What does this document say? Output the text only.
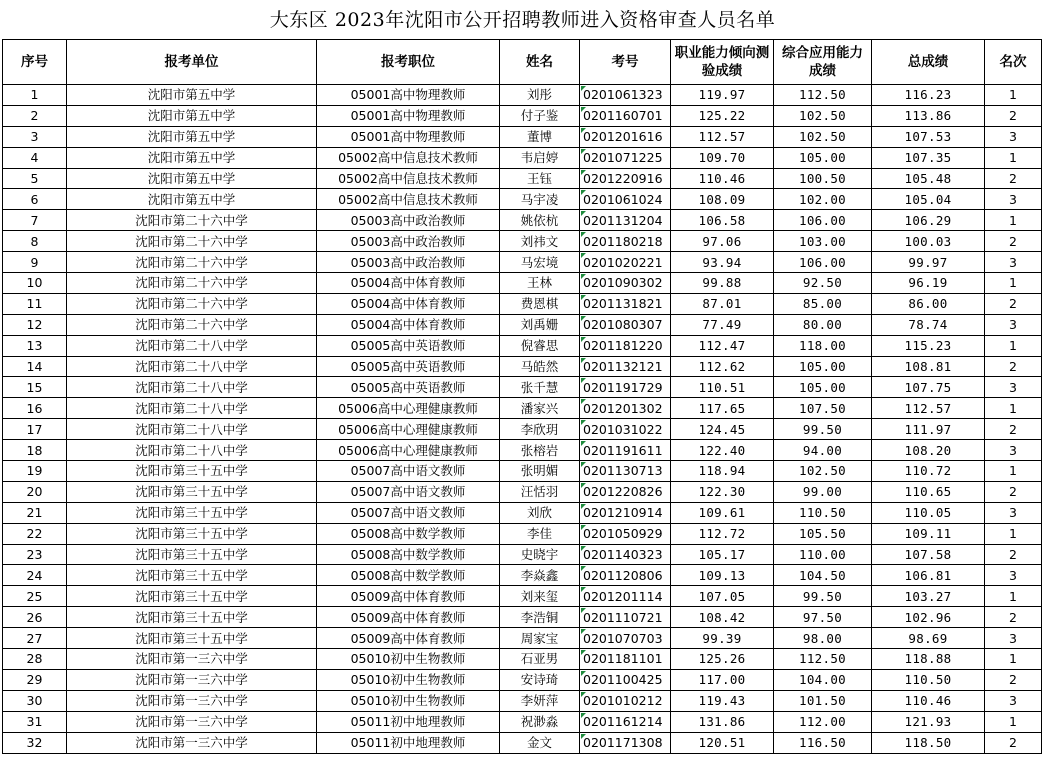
大东区 2023年沈阳市公开招聘教师进入资格审查人员名单
序号	报考单位	报考职位	姓名	考号	职业能力倾向测验成绩	综合应用能力成绩	总成绩	名次
1	沈阳市第五中学	05001高中物理教师	刘彤	0201061323	119.97	112.50	116.23	1
2	沈阳市第五中学	05001高中物理教师	付子鉴	0201160701	125.22	102.50	113.86	2
3	沈阳市第五中学	05001高中物理教师	董博	0201201616	112.57	102.50	107.53	3
4	沈阳市第五中学	05002高中信息技术教师	韦启婷	0201071225	109.70	105.00	107.35	1
5	沈阳市第五中学	05002高中信息技术教师	王钰	0201220916	110.46	100.50	105.48	2
6	沈阳市第五中学	05002高中信息技术教师	马宇凌	0201061024	108.09	102.00	105.04	3
7	沈阳市第二十六中学	05003高中政治教师	姚依杭	0201131204	106.58	106.00	106.29	1
8	沈阳市第二十六中学	05003高中政治教师	刘祎文	0201180218	97.06	103.00	100.03	2
9	沈阳市第二十六中学	05003高中政治教师	马宏境	0201020221	93.94	106.00	99.97	3
10	沈阳市第二十六中学	05004高中体育教师	王林	0201090302	99.88	92.50	96.19	1
11	沈阳市第二十六中学	05004高中体育教师	费恩棋	0201131821	87.01	85.00	86.00	2
12	沈阳市第二十六中学	05004高中体育教师	刘禹姗	0201080307	77.49	80.00	78.74	3
13	沈阳市第二十八中学	05005高中英语教师	倪睿思	0201181220	112.47	118.00	115.23	1
14	沈阳市第二十八中学	05005高中英语教师	马皓然	0201132121	112.62	105.00	108.81	2
15	沈阳市第二十八中学	05005高中英语教师	张千慧	0201191729	110.51	105.00	107.75	3
16	沈阳市第二十八中学	05006高中心理健康教师	潘家兴	0201201302	117.65	107.50	112.57	1
17	沈阳市第二十八中学	05006高中心理健康教师	李欣玥	0201031022	124.45	99.50	111.97	2
18	沈阳市第二十八中学	05006高中心理健康教师	张榕岩	0201191611	122.40	94.00	108.20	3
19	沈阳市第三十五中学	05007高中语文教师	张明媚	0201130713	118.94	102.50	110.72	1
20	沈阳市第三十五中学	05007高中语文教师	汪恬羽	0201220826	122.30	99.00	110.65	2
21	沈阳市第三十五中学	05007高中语文教师	刘欣	0201210914	109.61	110.50	110.05	3
22	沈阳市第三十五中学	05008高中数学教师	李佳	0201050929	112.72	105.50	109.11	1
23	沈阳市第三十五中学	05008高中数学教师	史晓宇	0201140323	105.17	110.00	107.58	2
24	沈阳市第三十五中学	05008高中数学教师	李焱鑫	0201120806	109.13	104.50	106.81	3
25	沈阳市第三十五中学	05009高中体育教师	刘来玺	0201201114	107.05	99.50	103.27	1
26	沈阳市第三十五中学	05009高中体育教师	李浩铜	0201110721	108.42	97.50	102.96	2
27	沈阳市第三十五中学	05009高中体育教师	周家宝	0201070703	99.39	98.00	98.69	3
28	沈阳市第一三六中学	05010初中生物教师	石亚男	0201181101	125.26	112.50	118.88	1
29	沈阳市第一三六中学	05010初中生物教师	安诗琦	0201100425	117.00	104.00	110.50	2
30	沈阳市第一三六中学	05010初中生物教师	李妍萍	0201010212	119.43	101.50	110.46	3
31	沈阳市第一三六中学	05011初中地理教师	祝渺淼	0201161214	131.86	112.00	121.93	1
32	沈阳市第一三六中学	05011初中地理教师	金文	0201171308	120.51	116.50	118.50	2
